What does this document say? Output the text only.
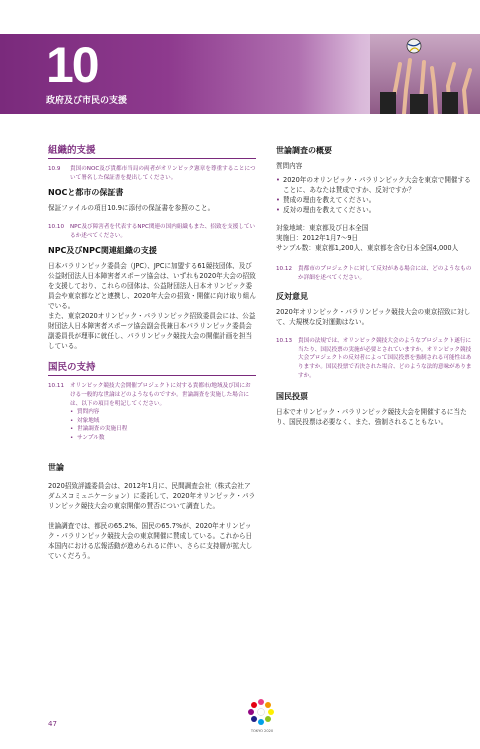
10
政府及び市民の支援
組織的支援
10.9	貴国のNOC及び貴都市当局の両者がオリンピック憲章を尊重することについて署名した保証書を提出してください。
NOCと都市の保証書

保証ファイルの項目10.9に添付の保証書を参照のこと。

10.10	NPC及び障害者を代表するNPC関連の国内組織もまた、招致を支援しているか述べてください。
NPC及びNPC関連組織の支援

日本パラリンピック委員会（JPC）、JPCに加盟する61競技団体、及び公益財団法人日本障害者スポーツ協会は、いずれも2020年大会の招致を支援しており、これらの団体は、公益財団法人日本オリンピック委員会や東京都などと連携し、2020年大会の招致・開催に向け取り組んでいる。

また、東京2020オリンピック・パラリンピック招致委員会には、公益財団法人日本障害者スポーツ協会副会長兼日本パラリンピック委員会副委員長が理事に就任し、パラリンピック競技大会の開催計画を担当している。

国民の支持
10.11	オリンピック競技大会開催プロジェクトに対する貴都市/地域及び国における一般的な世論はどのようなものですか。世論調査を実施した場合には、以下の項目を明記してください。
• 質問内容
• 対象地域
• 世論調査の実施日程
• サンプル数
世論

2020招致評議委員会は、2012年1月に、民間調査会社（株式会社アダムスコミュニケーション）に委託して、2020年オリンピック・パラリンピック競技大会の東京開催の賛否について調査した。

世論調査では、都民の65.2%、国民の65.7%が、2020年オリンピック・パラリンピック競技大会の東京開催に賛成している。これから日本国内における広報活動が進められるに伴い、さらに支持層が拡大していくだろう。

世論調査の概要

質問内容

• 2020年のオリンピック・パラリンピック大会を東京で開催することに、あなたは賛成ですか、反対ですか？
• 賛成の理由を教えてください。
• 反対の理由を教えてください。

対象地域：東京都及び日本全国
実施日：2012年1月7～9日
サンプル数：東京都1,200人、東京都を含む日本全国4,000人

10.12	貴都市のプロジェクトに対して反対がある場合には、どのようなものか詳細を述べてください。
反対意見

2020年オリンピック・パラリンピック競技大会の東京招致に対して、大規模な反対運動はない。

10.13	貴国の法規では、オリンピック競技大会のようなプロジェクト遂行に当たり、国民投票の実施が必要とされていますか。オリンピック競技大会プロジェクトの反対者によって国民投票を強制される可能性はありますか。国民投票で否決された場合、どのような法的意味がありますか。
国民投票

日本でオリンピック・パラリンピック競技大会を開催するに当たり、国民投票は必要なく、また、強制されることもない。

47
TOKYO 2020
